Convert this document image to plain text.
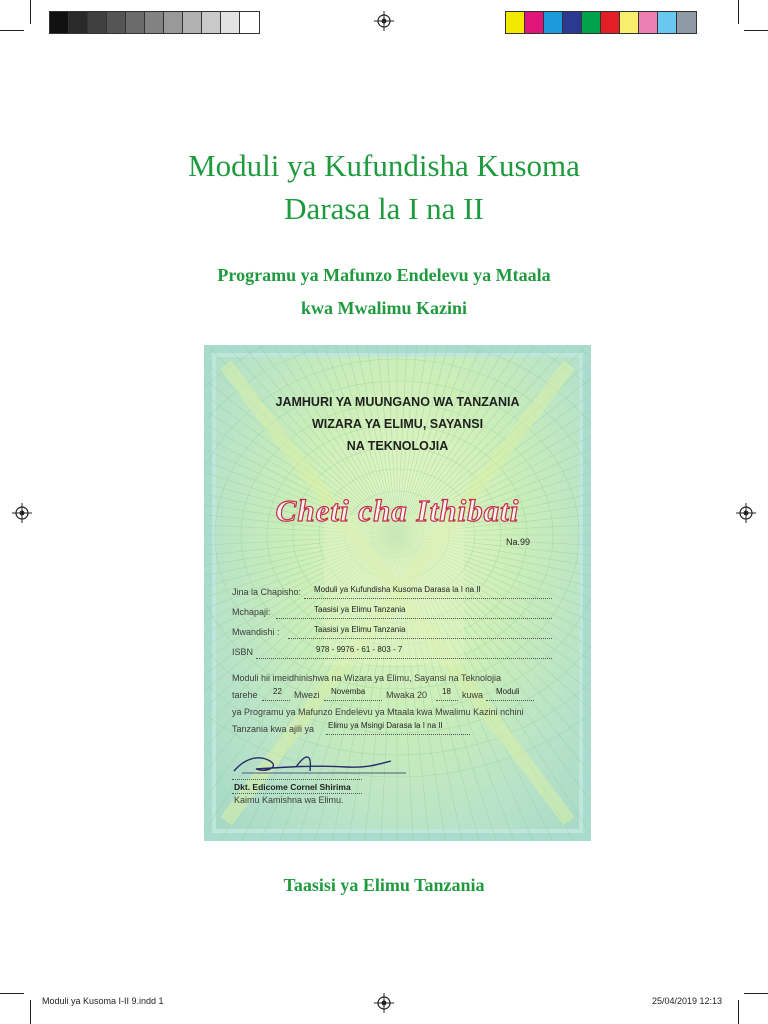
Moduli ya Kufundisha Kusoma
Darasa la I na II
Programu ya Mafunzo Endelevu ya Mtaala
kwa Mwalimu Kazini
JAMHURI YA MUUNGANO WA TANZANIA
WIZARA YA ELIMU, SAYANSI
NA TEKNOLOJIA
Cheti cha Ithibati
Na.99
Jina la Chapisho: Moduli ya Kufundisha Kusoma Darasa la I na II
Mchapaji:	Taasisi ya Elimu Tanzania
Mwandishi :	Taasisi ya Elimu Tanzania
ISBN	978 - 9976 - 61 - 803 - 7
Moduli hii imeidhinishwa na Wizara ya Elimu, Sayansi na Teknolojia
tarehe 22 Mwezi Novemba Mwaka 20 18 kuwa Moduli
ya Programu ya Mafunzo Endelevu ya Mtaala kwa Mwalimu Kazini nchini
Tanzania kwa ajili ya Elimu ya Msingi Darasa la I na II
Dkt. Edicome Cornel Shirima
Kaimu Kamishna wa Elimu.
Taasisi ya Elimu Tanzania
Moduli ya Kusoma I-II 9.indd 1	25/04/2019 12:13
